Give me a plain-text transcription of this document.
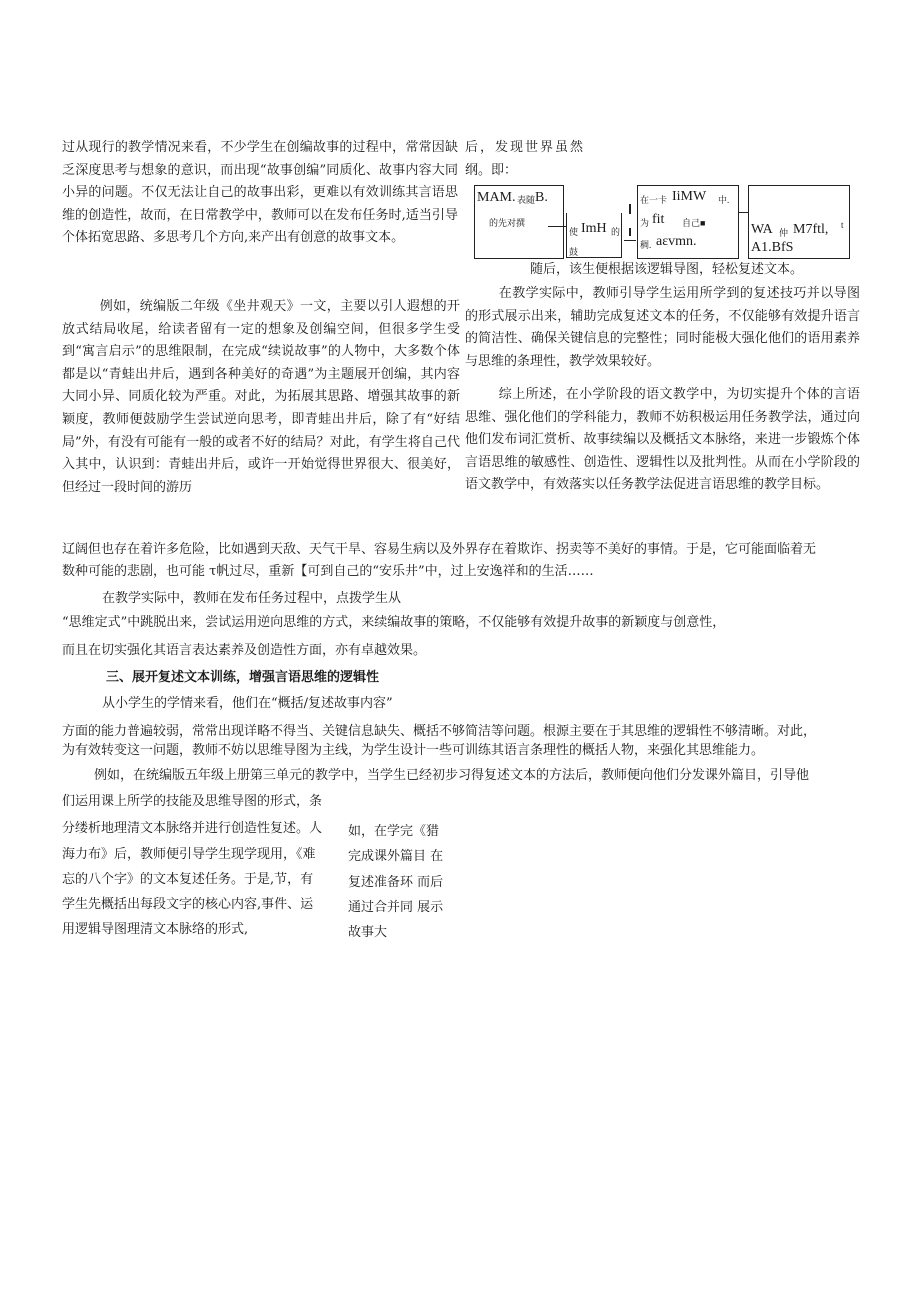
过从现行的教学情况来看，不少学生在创编故事的过程中，常常因缺乏深度思考与想象的意识，而出现“故事创编”同质化、故事内容大同小异的问题。不仅无法让自己的故事出彩，更难以有效训练其言语思维的创造性，故而，在日常教学中，教师可以在发布任务时,适当引导个体拓宽思路、多思考几个方向,来产出有创意的故事文本。

例如，统编版二年级《坐井观天》一文，主要以引人遐想的开放式结局收尾，给读者留有一定的想象及创编空间，但很多学生受到“寓言启示”的思维限制，在完成“续说故事”的人物中，大多数个体都是以“青蛙出井后，遇到各种美好的奇遇”为主题展开创编，其内容大同小异、同质化较为严重。对此，为拓展其思路、增强其故事的新颖度，教师便鼓励学生尝试逆向思考，即青蛙出井后，除了有“好结局”外，有没有可能有一般的或者不好的结局？对此，有学生将自己代入其中，认识到：青蛙出井后，或许一开始觉得世界很大、很美好，但经过一段时间的游历

后，发现世界虽然纲。即：

MAM. 表随 B.
的先对撰
使 ImH 的
鼓
在一卡 IiMW 中.
为 fit 自己■
稠. aεvmn.
WA 仲 M7ftl, t
A1.BfS

随后，该生便根据该逻辑导图，轻松复述文本。

在教学实际中，教师引导学生运用所学到的复述技巧并以导图的形式展示出来，辅助完成复述文本的任务，不仅能够有效提升语言的简洁性、确保关键信息的完整性；同时能极大强化他们的语用素养与思维的条理性，教学效果较好。

综上所述，在小学阶段的语文教学中，为切实提升个体的言语思维、强化他们的学科能力，教师不妨积极运用任务教学法，通过向他们发布词汇赏析、故事续编以及概括文本脉络，来进一步锻炼个体言语思维的敏感性、创造性、逻辑性以及批判性。从而在小学阶段的语文教学中，有效落实以任务教学法促进言语思维的教学目标。

辽阔但也存在着许多危险，比如遇到天敌、天气干旱、容易生病以及外界存在着欺诈、拐卖等不美好的事情。于是，它可能面临着无

数种可能的悲剧，也可能 τ帆过尽，重新【可到自己的“安乐井”中，过上安逸祥和的生活……

在教学实际中，教师在发布任务过程中，点拨学生从

“思维定式”中跳脱出来，尝试运用逆向思维的方式，来续编故事的策略，不仅能够有效提升故事的新颖度与创意性，

而且在切实强化其语言表达素养及创造性方面，亦有卓越效果。

三、展开复述文本训练，增强言语思维的逻辑性

从小学生的学情来看，他们在“概括/复述故事内容”

方面的能力普遍较弱，常常出现详略不得当、关键信息缺失、概括不够简洁等问题。根源主要在于其思维的逻辑性不够清晰。对此，

为有效转变这一问题，教师不妨以思维导图为主线，为学生设计一些可训练其语言条理性的概括人物，来强化其思维能力。

例如，在统编版五年级上册第三单元的教学中，当学生已经初步习得复述文本的方法后，教师便向他们分发课外篇目，引导他

们运用课上所学的技能及思维导图的形式，条

分缕析地理清文本脉络并进行创造性复述。人

海力布》后，教师便引导学生现学现用，《难

忘的八个字》的文本复述任务。于是,节，有

学生先概括出每段文字的核心内容,事件、运

用逻辑导图理清文本脉络的形式,

如，在学完《猎

完成课外篇目 在

复述准备环 而后

通过合并同 展示

故事大
